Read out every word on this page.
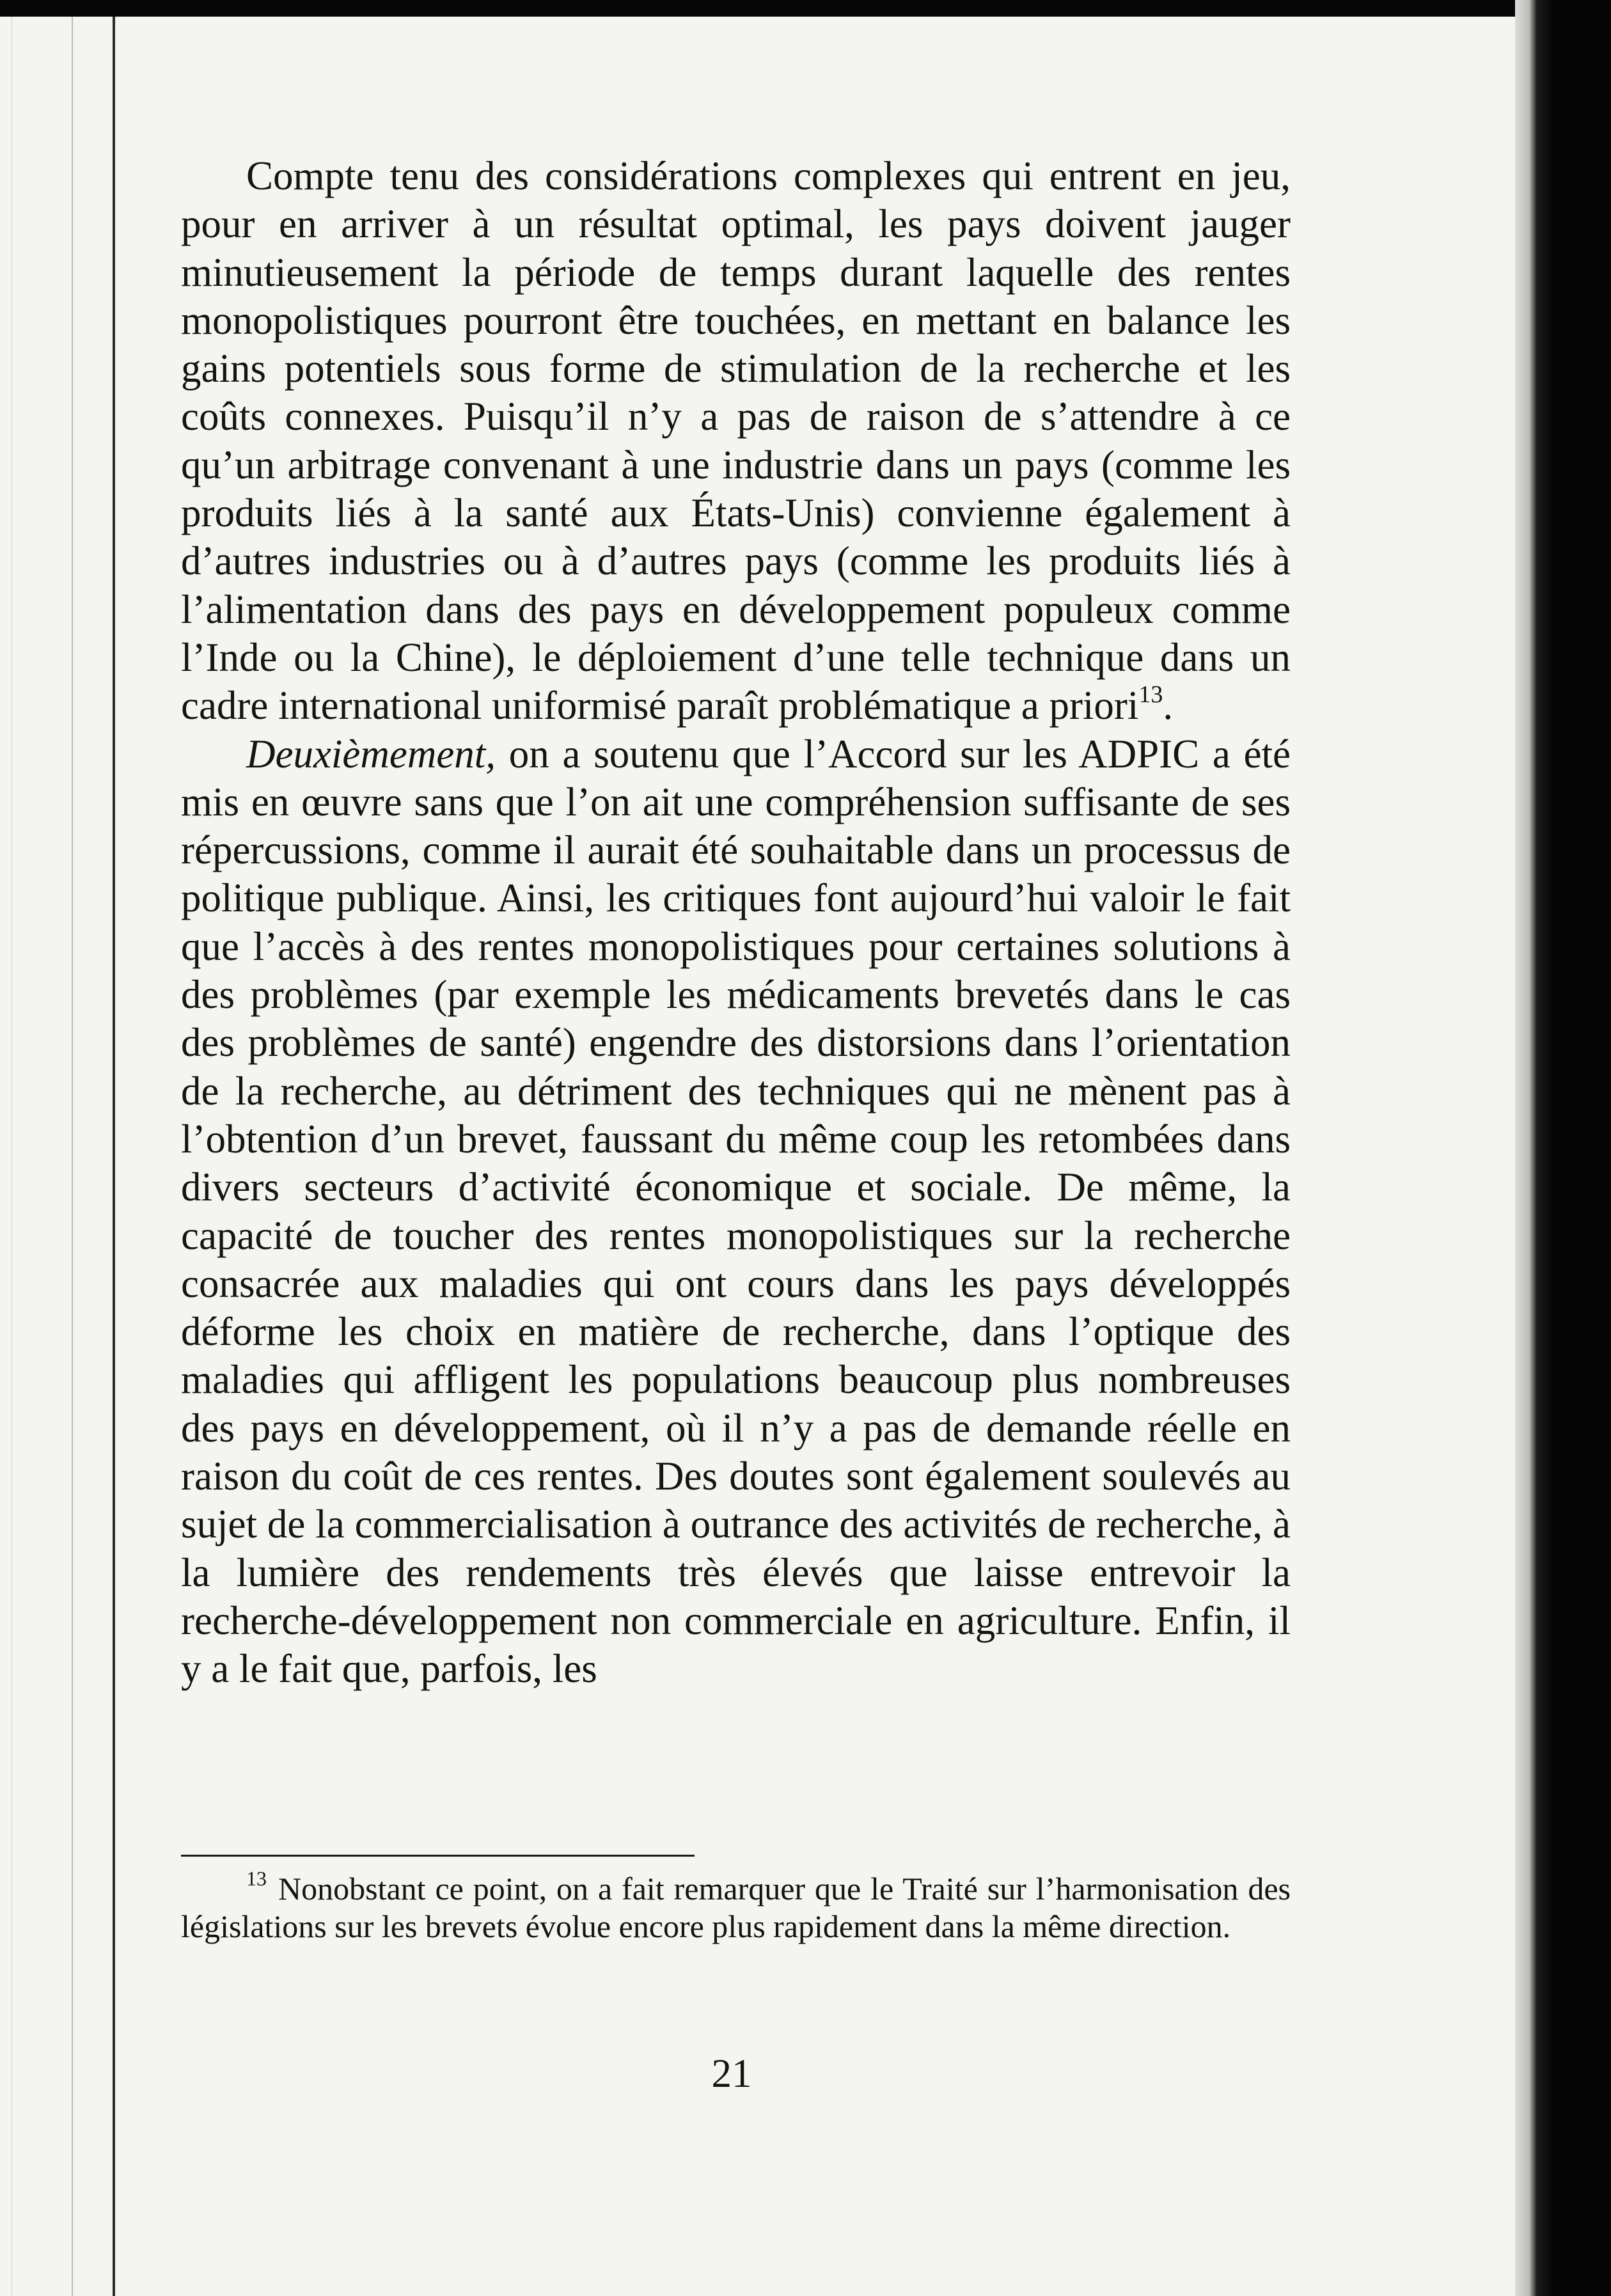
Compte tenu des considérations complexes qui entrent en jeu, pour en arriver à un résultat optimal, les pays doivent jauger minutieusement la période de temps durant laquelle des rentes monopolistiques pourront être touchées, en mettant en balance les gains potentiels sous forme de stimulation de la recherche et les coûts connexes. Puisqu’il n’y a pas de raison de s’attendre à ce qu’un arbitrage convenant à une industrie dans un pays (comme les produits liés à la santé aux États-Unis) convienne également à d’autres industries ou à d’autres pays (comme les produits liés à l’alimentation dans des pays en développement populeux comme l’Inde ou la Chine), le déploiement d’une telle technique dans un cadre international uniformisé paraît problématique a priori$^{13}$.

Deuxièmement, on a soutenu que l’Accord sur les ADPIC a été mis en œuvre sans que l’on ait une compréhension suffisante de ses répercussions, comme il aurait été souhaitable dans un processus de politique publique. Ainsi, les critiques font aujourd’hui valoir le fait que l’accès à des rentes monopolistiques pour certaines solutions à des problèmes (par exemple les médicaments brevetés dans le cas des problèmes de santé) engendre des distorsions dans l’orientation de la recherche, au détriment des techniques qui ne mènent pas à l’obtention d’un brevet, faussant du même coup les retombées dans divers secteurs d’activité économique et sociale. De même, la capacité de toucher des rentes monopolistiques sur la recherche consacrée aux maladies qui ont cours dans les pays développés déforme les choix en matière de recherche, dans l’optique des maladies qui affligent les populations beaucoup plus nombreuses des pays en développement, où il n’y a pas de demande réelle en raison du coût de ces rentes. Des doutes sont également soulevés au sujet de la commercialisation à outrance des activités de recherche, à la lumière des rendements très élevés que laisse entrevoir la recherche-développement non commerciale en agriculture. Enfin, il y a le fait que, parfois, les

$^{13}$ Nonobstant ce point, on a fait remarquer que le Traité sur l’harmonisation des législations sur les brevets évolue encore plus rapidement dans la même direction.

21
